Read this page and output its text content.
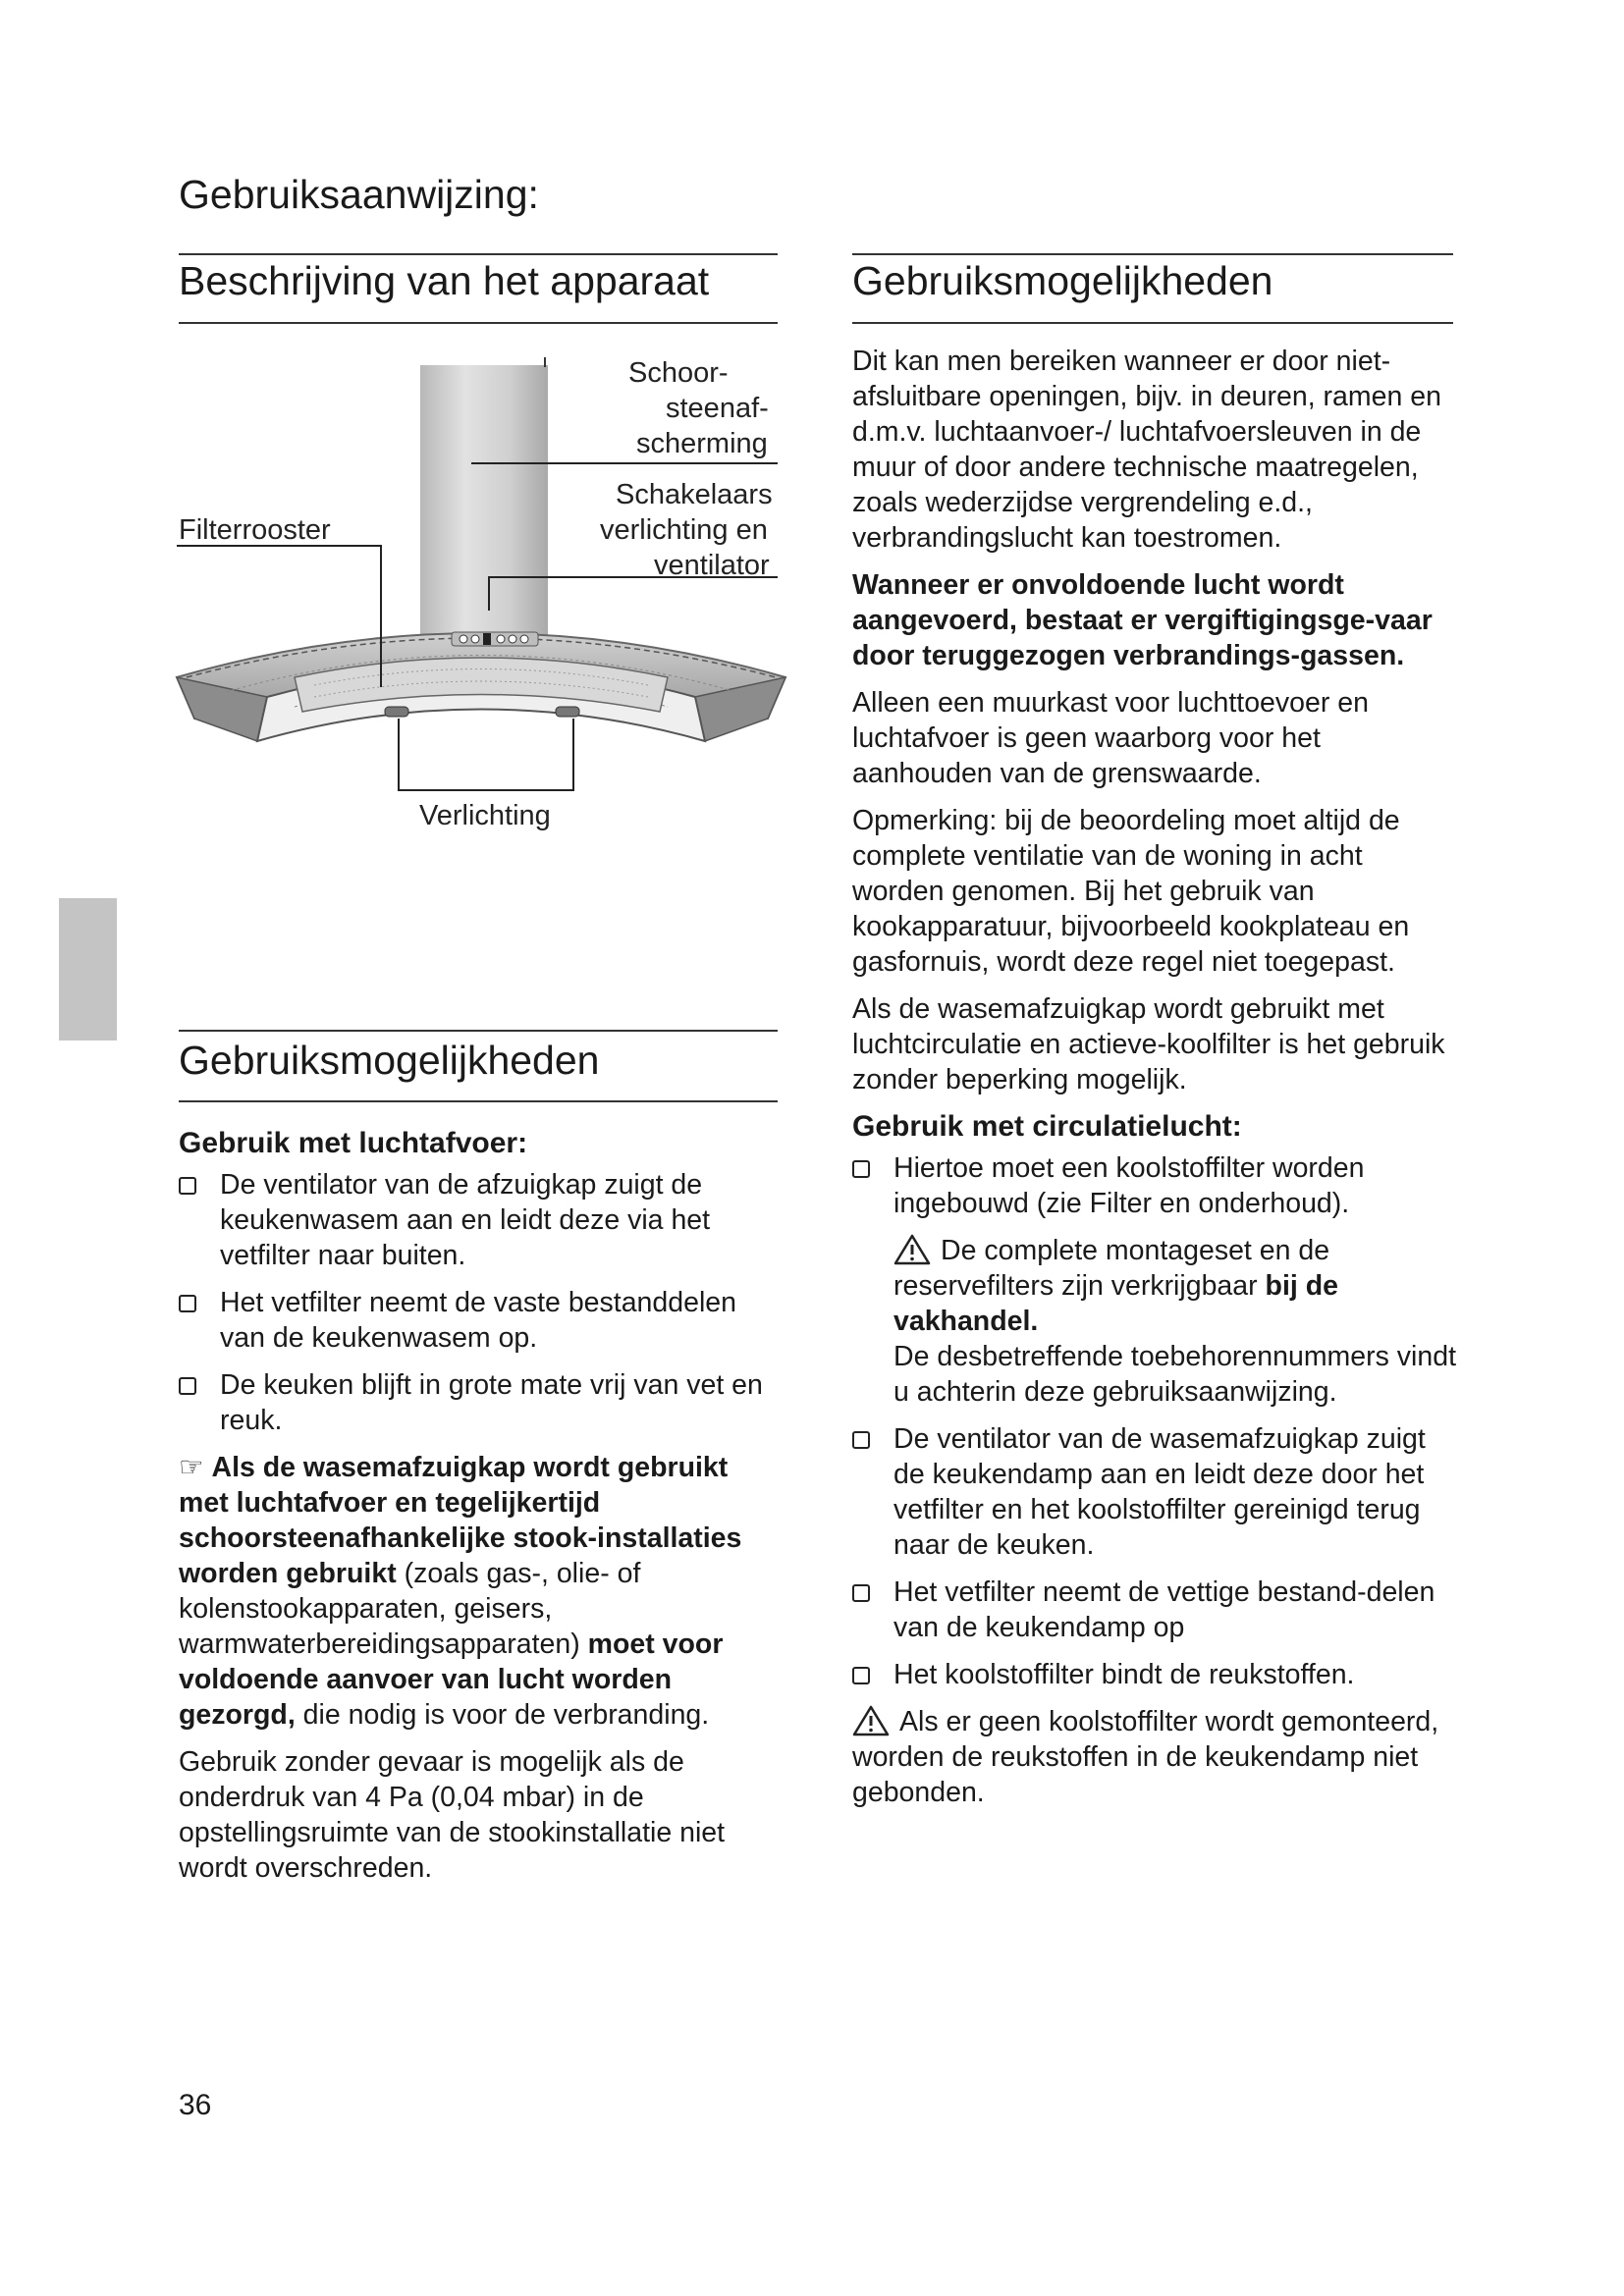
Gebruiksaanwijzing:
Beschrijving van het apparaat
Schoor-
steenaf-
scherming
Schakelaars
verlichting en
ventilator
Filterrooster
Verlichting
Gebruiksmogelijkheden
Gebruik met luchtafvoer:
De ventilator van de afzuigkap zuigt de keukenwasem aan en leidt deze via het vetfilter naar buiten.
Het vetfilter neemt de vaste bestanddelen van de keukenwasem op.
De keuken blijft in grote mate vrij van vet en reuk.

☞ Als de wasemafzuigkap wordt gebruikt met luchtafvoer en tegelijkertijd schoorsteenafhankelijke stook-installaties worden gebruikt (zoals gas-, olie- of kolenstookapparaten, geisers, warmwaterbereidingsapparaten) moet voor voldoende aanvoer van lucht worden gezorgd, die nodig is voor de verbranding.

Gebruik zonder gevaar is mogelijk als de onderdruk van 4 Pa (0,04 mbar) in de opstellingsruimte van de stookinstallatie niet wordt overschreden.

Gebruiksmogelijkheden

Dit kan men bereiken wanneer er door niet-afsluitbare openingen, bijv. in deuren, ramen en d.m.v. luchtaanvoer-/ luchtafvoersleuven in de muur of door andere technische maatregelen, zoals wederzijdse vergrendeling e.d., verbrandingslucht kan toestromen.

Wanneer er onvoldoende lucht wordt aangevoerd, bestaat er vergiftigingsge-vaar door teruggezogen verbrandings-gassen.

Alleen een muurkast voor luchttoevoer en luchtafvoer is geen waarborg voor het aanhouden van de grenswaarde.

Opmerking: bij de beoordeling moet altijd de complete ventilatie van de woning in acht worden genomen. Bij het gebruik van kookapparatuur, bijvoorbeeld kookplateau en gasfornuis, wordt deze regel niet toegepast.

Als de wasemafzuigkap wordt gebruikt met luchtcirculatie en actieve-koolfilter is het gebruik zonder beperking mogelijk.

Gebruik met circulatielucht:
Hiertoe moet een koolstoffilter worden ingebouwd (zie Filter en onderhoud).
De complete montageset en de reservefilters zijn verkrijgbaar bij de vakhandel.
De desbetreffende toebehorennummers vindt u achterin deze gebruiksaanwijzing.
De ventilator van de wasemafzuigkap zuigt de keukendamp aan en leidt deze door het vetfilter en het koolstoffilter gereinigd terug naar de keuken.
Het vetfilter neemt de vettige bestand-delen van de keukendamp op
Het koolstoffilter bindt de reukstoffen.

Als er geen koolstoffilter wordt gemonteerd, worden de reukstoffen in de keukendamp niet gebonden.

36
